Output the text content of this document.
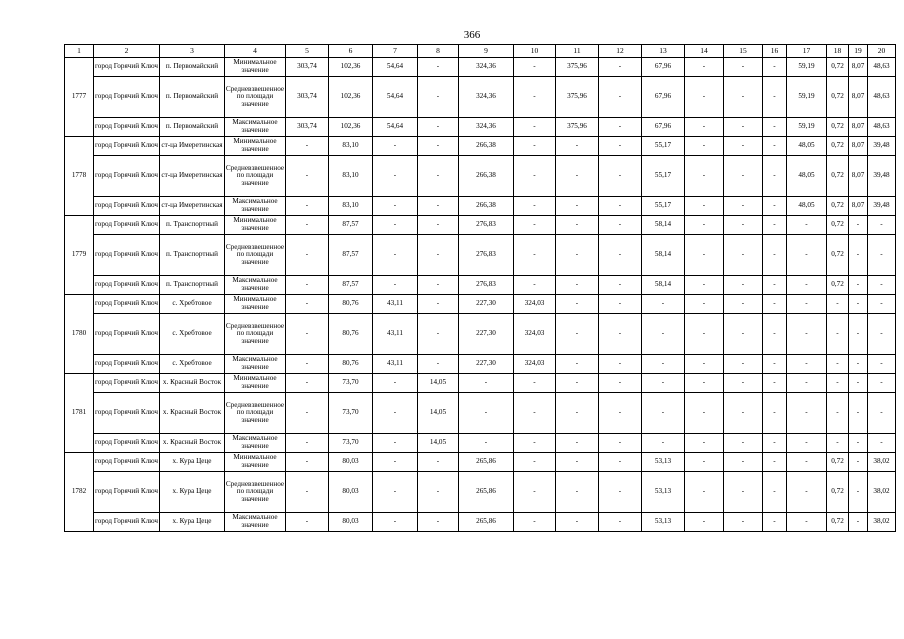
366
1	2	3	4	5	6	7	8	9	10	11	12	13	14	15	16	17	18	19	20
1777	город Горячий Ключ	п. Первомайский	Минимальное значение	303,74	102,36	54,64	-	324,36	-	375,96	-	67,96	-	-	-	59,19	0,72	8,07	48,63
	город Горячий Ключ	п. Первомайский	Средневзвешенное по площади значение	303,74	102,36	54,64	-	324,36	-	375,96	-	67,96	-	-	-	59,19	0,72	8,07	48,63
	город Горячий Ключ	п. Первомайский	Максимальное значение	303,74	102,36	54,64	-	324,36	-	375,96	-	67,96	-	-	-	59,19	0,72	8,07	48,63
1778	город Горячий Ключ	ст-ца Имеретинская	Минимальное значение	-	83,10	-	-	266,38	-	-	-	55,17	-	-	-	48,05	0,72	8,07	39,48
	город Горячий Ключ	ст-ца Имеретинская	Средневзвешенное по площади значение	-	83,10	-	-	266,38	-	-	-	55,17	-	-	-	48,05	0,72	8,07	39,48
	город Горячий Ключ	ст-ца Имеретинская	Максимальное значение	-	83,10	-	-	266,38	-	-	-	55,17	-	-	-	48,05	0,72	8,07	39,48
1779	город Горячий Ключ	п. Транспортный	Минимальное значение	-	87,57	-	-	276,83	-	-	-	58,14	-	-	-	-	0,72	-	-
	город Горячий Ключ	п. Транспортный	Средневзвешенное по площади значение	-	87,57	-	-	276,83	-	-	-	58,14	-	-	-	-	0,72	-	-
	город Горячий Ключ	п. Транспортный	Максимальное значение	-	87,57	-	-	276,83	-	-	-	58,14	-	-	-	-	0,72	-	-
1780	город Горячий Ключ	с. Хребтовое	Минимальное значение	-	80,76	43,11	-	227,30	324,03	-	-	-	-	-	-	-	-	-	-
	город Горячий Ключ	с. Хребтовое	Средневзвешенное по площади значение	-	80,76	43,11	-	227,30	324,03	-	-	-	-	-	-	-	-	-	-
	город Горячий Ключ	с. Хребтовое	Максимальное значение	-	80,76	43,11	-	227,30	324,03	-	-	-	-	-	-	-	-	-	-
1781	город Горячий Ключ	х. Красный Восток	Минимальное значение	-	73,70	-	14,05	-	-	-	-	-	-	-	-	-	-	-	-
	город Горячий Ключ	х. Красный Восток	Средневзвешенное по площади значение	-	73,70	-	14,05	-	-	-	-	-	-	-	-	-	-	-	-
	город Горячий Ключ	х. Красный Восток	Максимальное значение	-	73,70	-	14,05	-	-	-	-	-	-	-	-	-	-	-	-
1782	город Горячий Ключ	х. Кура Цеце	Минимальное значение	-	80,03	-	-	265,86	-	-	-	53,13	-	-	-	-	0,72	-	38,02
	город Горячий Ключ	х. Кура Цеце	Средневзвешенное по площади значение	-	80,03	-	-	265,86	-	-	-	53,13	-	-	-	-	0,72	-	38,02
	город Горячий Ключ	х. Кура Цеце	Максимальное значение	-	80,03	-	-	265,86	-	-	-	53,13	-	-	-	-	0,72	-	38,02
